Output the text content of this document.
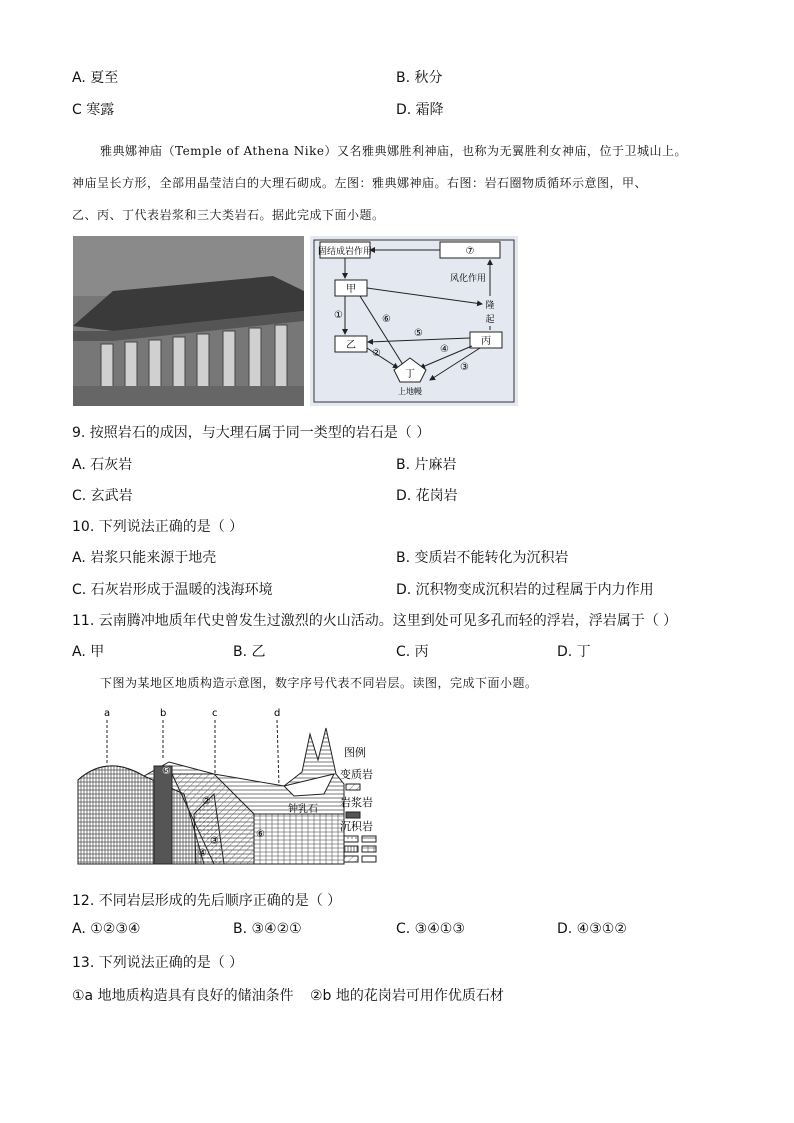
A. 夏至	B. 秋分
C 寒露	D. 霜降
雅典娜神庙（Temple of Athena Nike）又名雅典娜胜利神庙，也称为无翼胜利女神庙，位于卫城山上。
神庙呈长方形，全部用晶莹洁白的大理石砌成。左图：雅典娜神庙。右图：岩石圈物质循环示意图，甲、
乙、丙、丁代表岩浆和三大类岩石。据此完成下面小题。
固结成岩作用	⑦
风化作用
甲
隆
起
乙	丙
①
⑤
⑥
②	④
③
丁
上地幔
9. 按照岩石的成因，与大理石属于同一类型的岩石是（ ）
A. 石灰岩	B. 片麻岩
C. 玄武岩	D. 花岗岩
10. 下列说法正确的是（ ）
A. 岩浆只能来源于地壳	B. 变质岩不能转化为沉积岩
C. 石灰岩形成于温暖的浅海环境	D. 沉积物变成沉积岩的过程属于内力作用
11. 云南腾冲地质年代史曾发生过激烈的火山活动。这里到处可见多孔而轻的浮岩，浮岩属于（ ）
A. 甲	B. 乙	C. 丙	D. 丁
下图为某地区地质构造示意图，数字序号代表不同岩层。读图，完成下面小题。
a	b	c	d
⑤
②
③
④
⑥
钟乳石
图例
变质岩
岩浆岩
沉积岩
12. 不同岩层形成的先后顺序正确的是（ ）
A. ①②③④	B. ③④②①	C. ③④①③	D. ④③①②
13. 下列说法正确的是（ ）
①a 地地质构造具有良好的储油条件 ②b 地的花岗岩可用作优质石材
